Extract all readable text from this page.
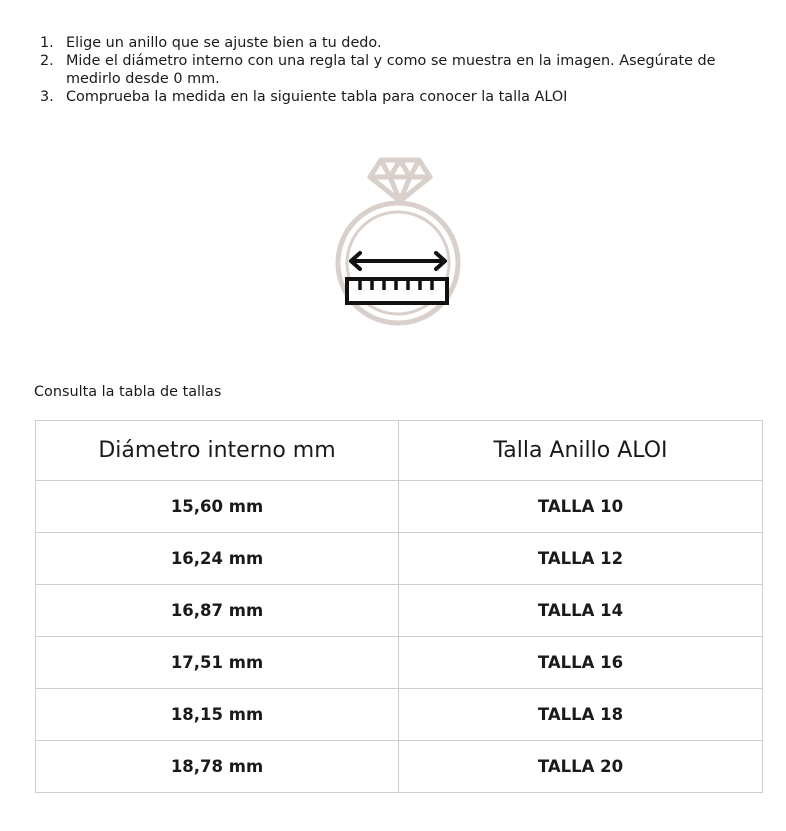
1. Elige un anillo que se ajuste bien a tu dedo.
2. Mide el diámetro interno con una regla tal y como se muestra en la imagen. Asegúrate de medirlo desde 0 mm.
3. Comprueba la medida en la siguiente tabla para conocer la talla ALOI
Consulta la tabla de tallas
Diámetro interno mm	Talla Anillo ALOI
15,60 mm	TALLA 10
16,24 mm	TALLA 12
16,87 mm	TALLA 14
17,51 mm	TALLA 16
18,15 mm	TALLA 18
18,78 mm	TALLA 20
